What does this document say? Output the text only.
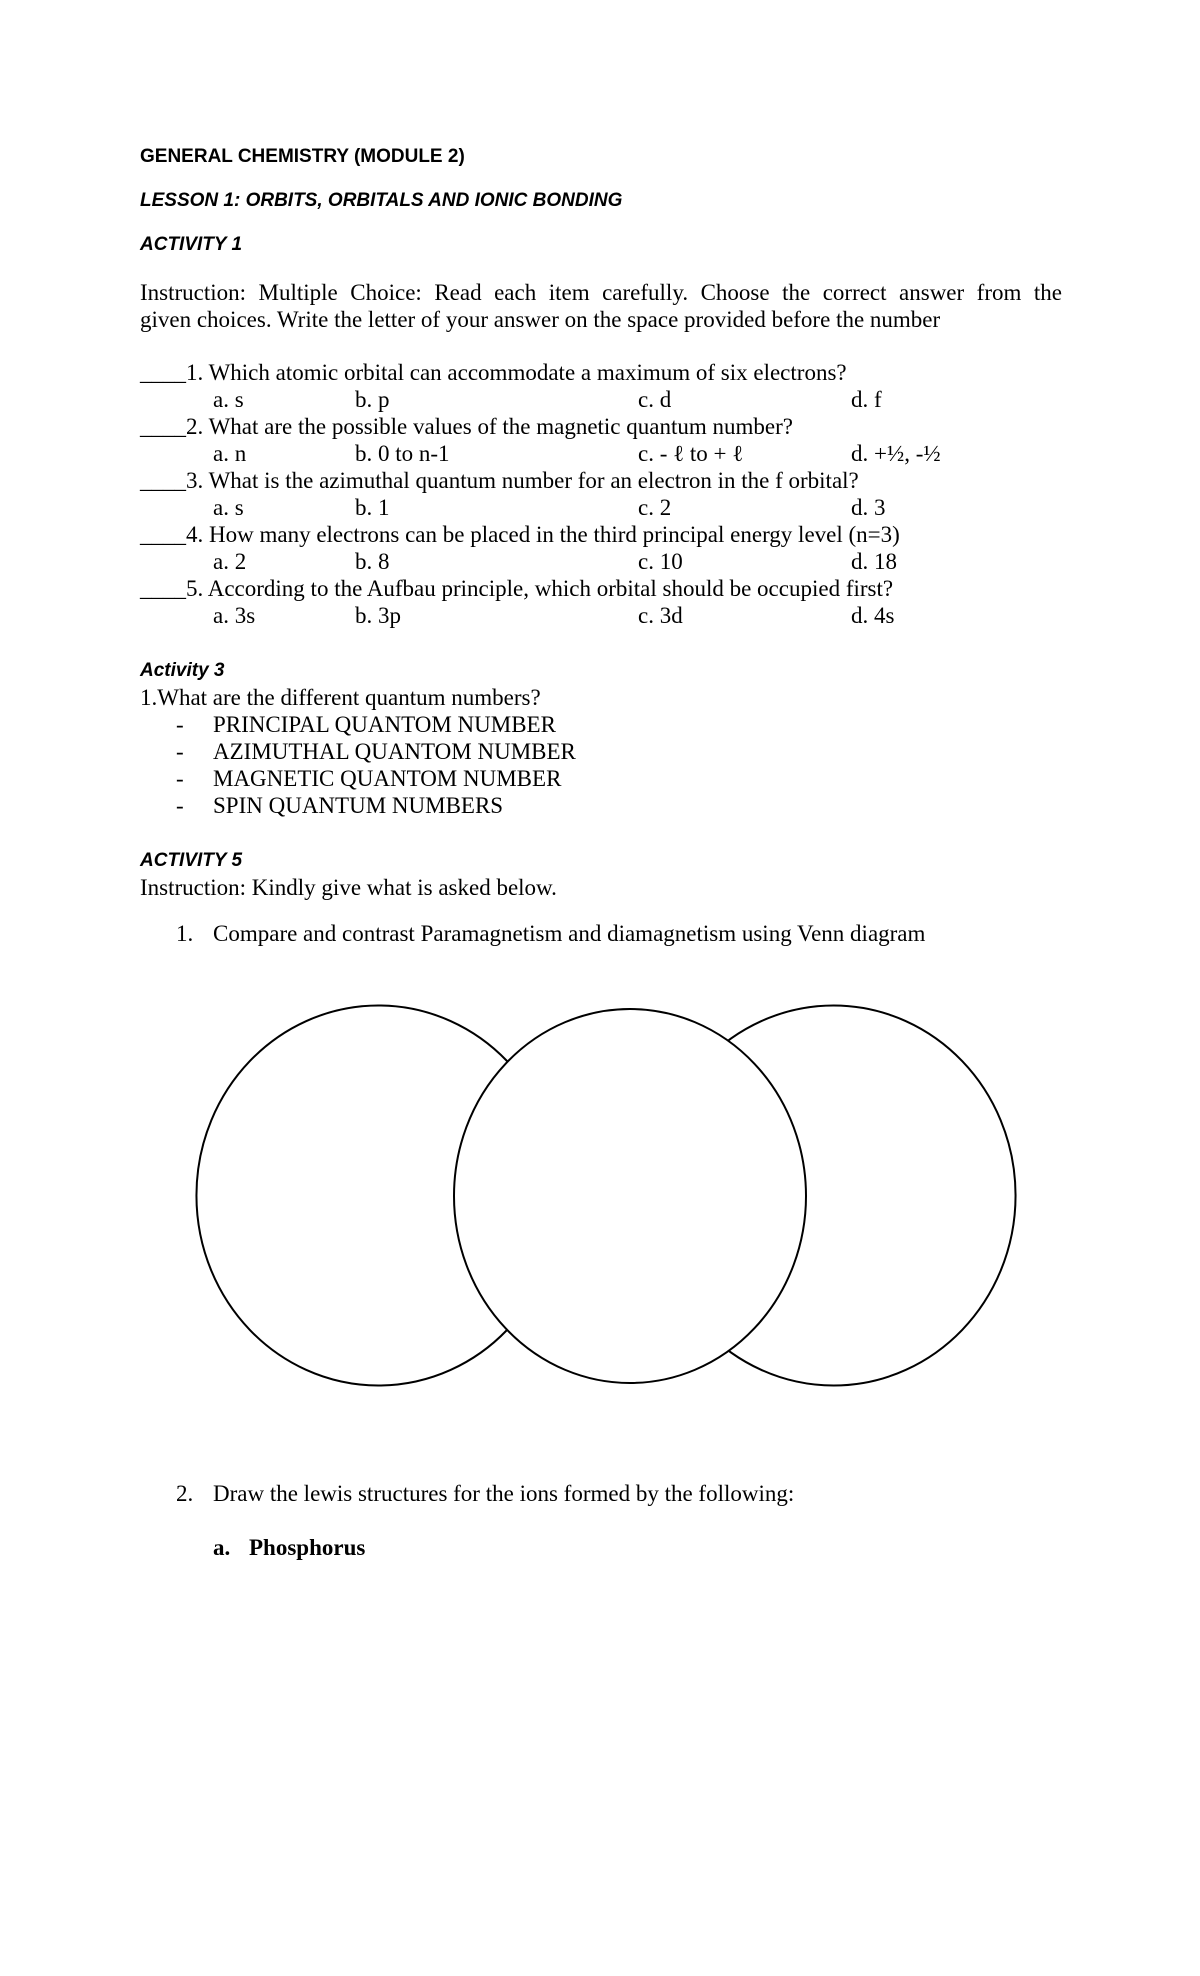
GENERAL CHEMISTRY (MODULE 2)
LESSON 1: ORBITS, ORBITALS AND IONIC BONDING
ACTIVITY 1
Instruction: Multiple Choice: Read each item carefully. Choose the correct answer from the
given choices. Write the letter of your answer on the space provided before the number
____1. Which atomic orbital can accommodate a maximum of six electrons?
a. s	b. p	c. d	d. f
____2. What are the possible values of the magnetic quantum number?
a. n	b. 0 to n-1	c. - ℓ to + ℓ	d. +½, -½
____3. What is the azimuthal quantum number for an electron in the f orbital?
a. s	b. 1	c. 2	d. 3
____4. How many electrons can be placed in the third principal energy level (n=3)
a. 2	b. 8	c. 10	d. 18
____5. According to the Aufbau principle, which orbital should be occupied first?
a. 3s	b. 3p	c. 3d	d. 4s
Activity 3
1.What are the different quantum numbers?
- PRINCIPAL QUANTOM NUMBER
- AZIMUTHAL QUANTOM NUMBER
- MAGNETIC QUANTOM NUMBER
- SPIN QUANTUM NUMBERS
ACTIVITY 5
Instruction: Kindly give what is asked below.
1. Compare and contrast Paramagnetism and diamagnetism using Venn diagram
2. Draw the lewis structures for the ions formed by the following:
a. Phosphorus
